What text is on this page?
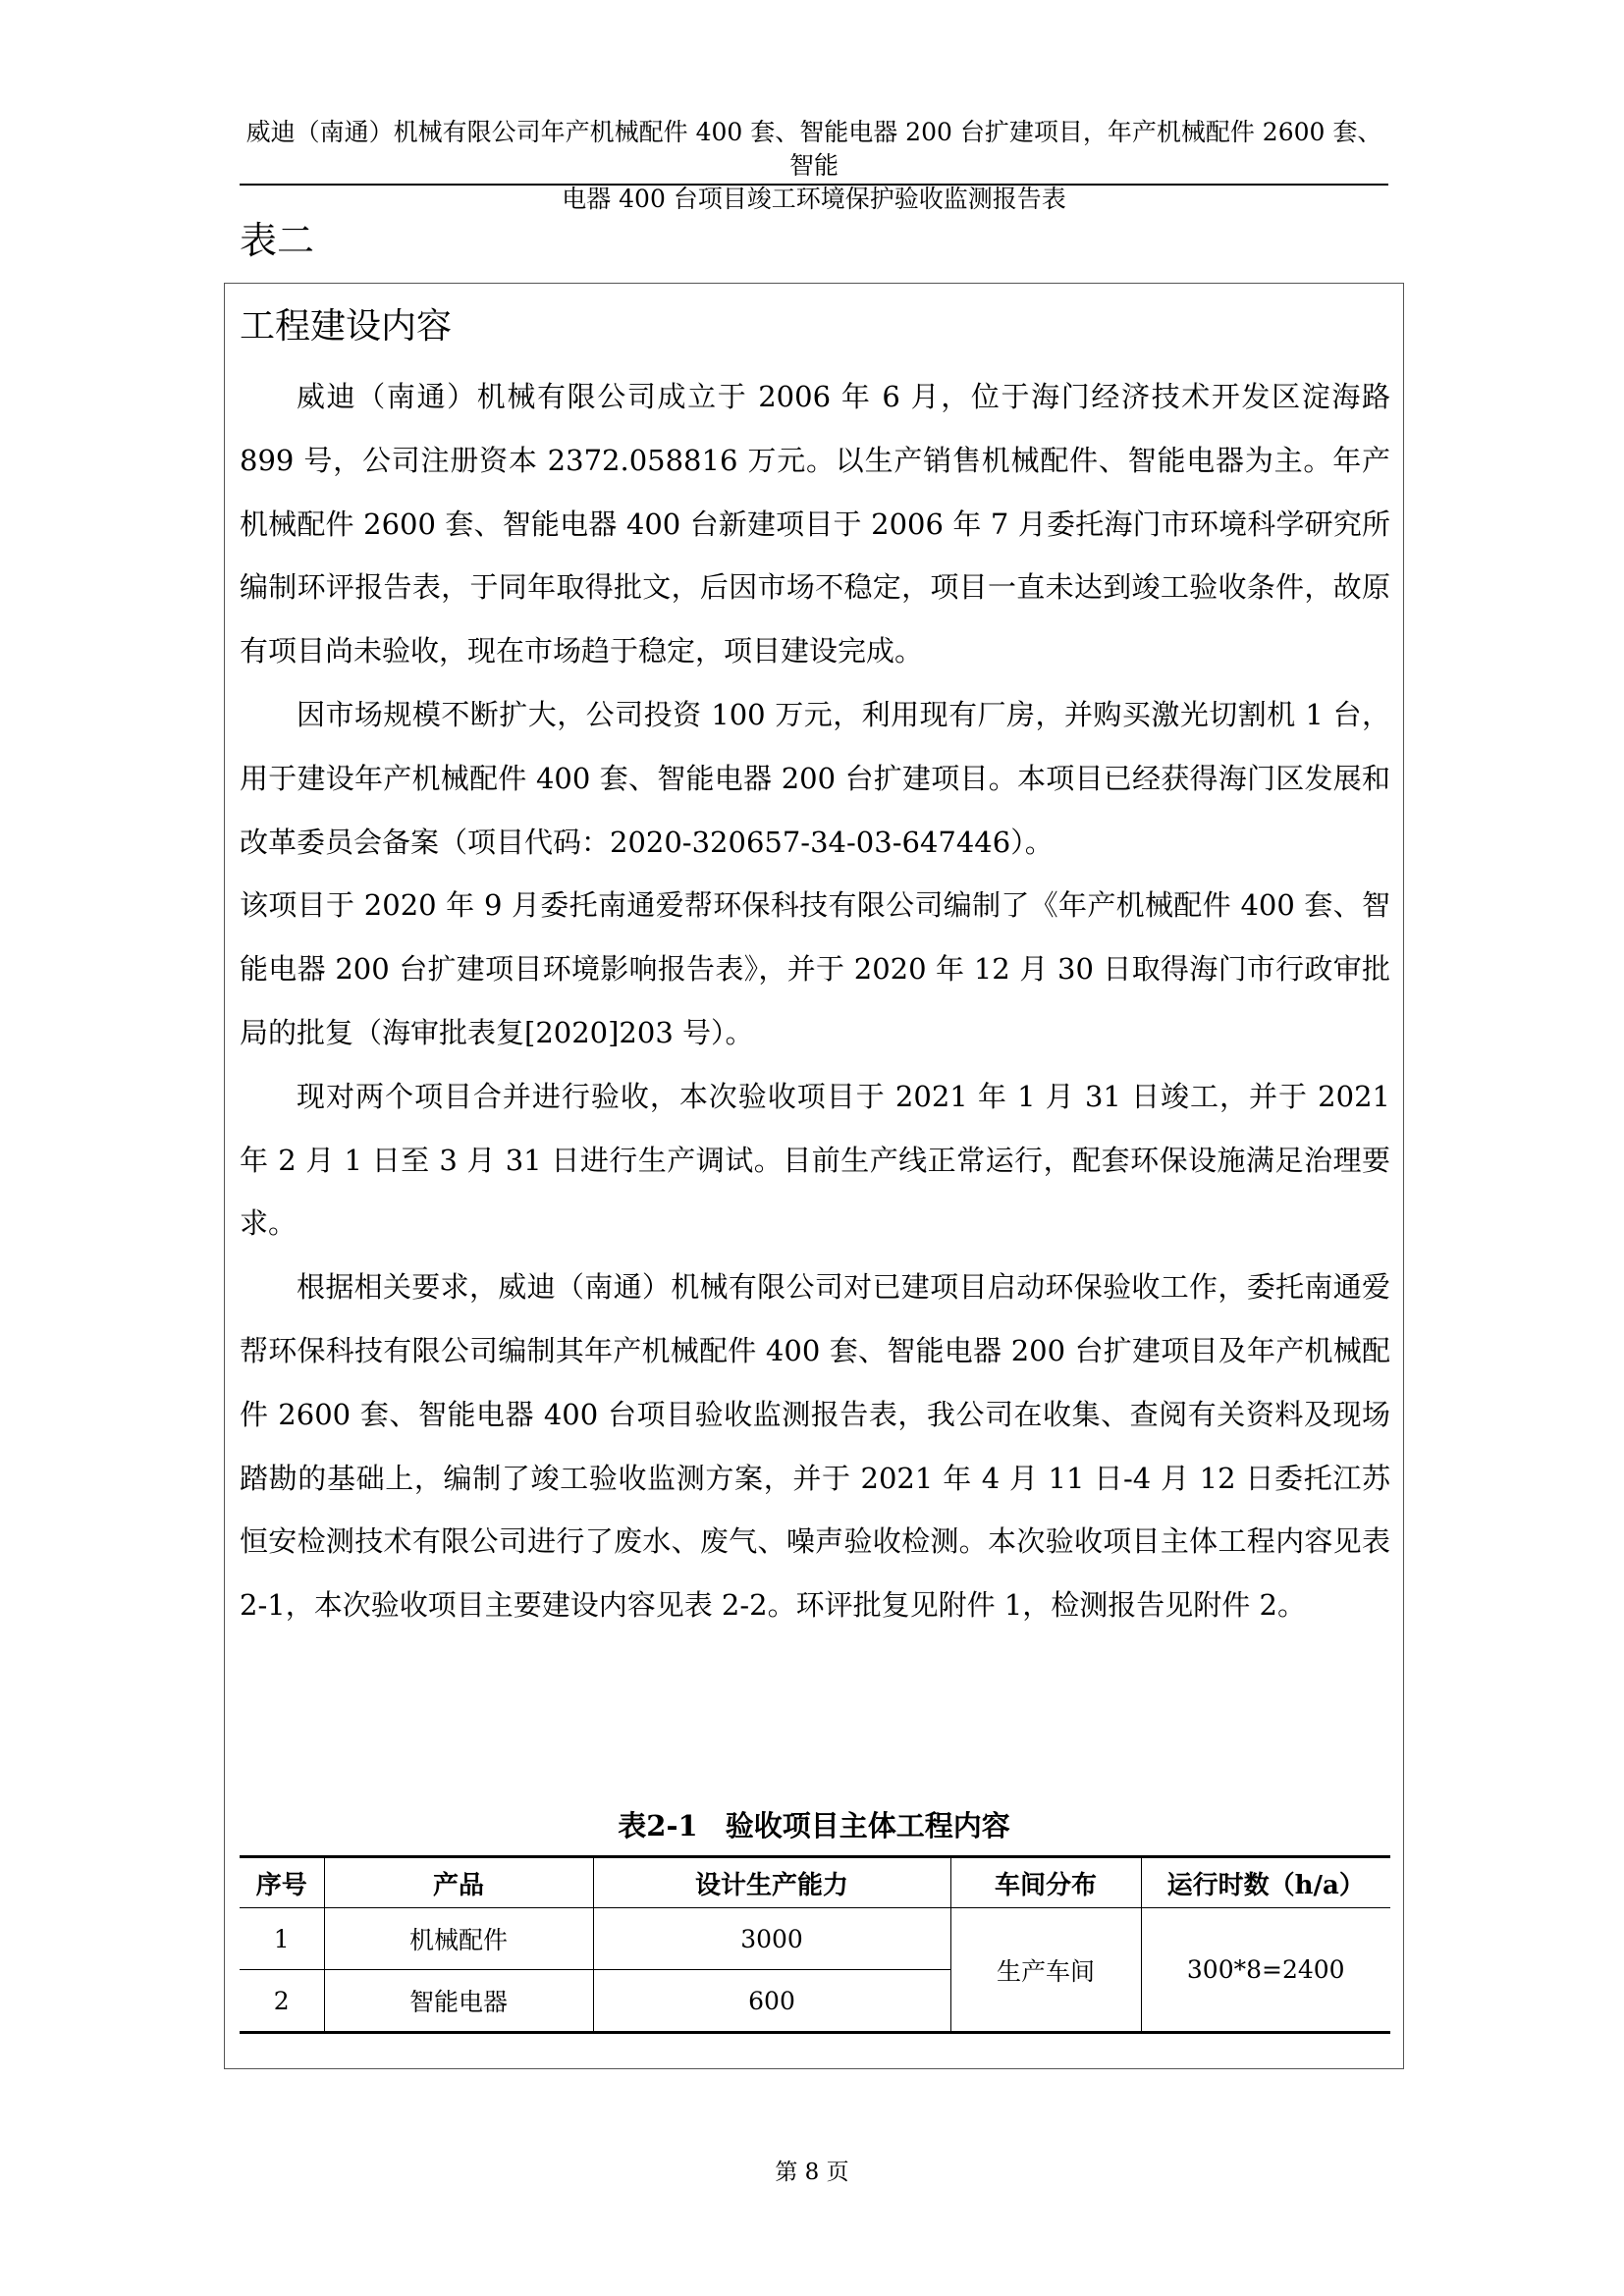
威迪（南通）机械有限公司年产机械配件 400 套、智能电器 200 台扩建项目，年产机械配件 2600 套、智能
电器 400 台项目竣工环境保护验收监测报告表
表二
工程建设内容

威迪（南通）机械有限公司成立于 2006 年 6 月，位于海门经济技术开发区淀海路 899 号，公司注册资本 2372.058816 万元。以生产销售机械配件、智能电器为主。年产机械配件 2600 套、智能电器 400 台新建项目于 2006 年 7 月委托海门市环境科学研究所编制环评报告表，于同年取得批文，后因市场不稳定，项目一直未达到竣工验收条件，故原有项目尚未验收，现在市场趋于稳定，项目建设完成。

因市场规模不断扩大，公司投资 100 万元，利用现有厂房，并购买激光切割机 1 台，用于建设年产机械配件 400 套、智能电器 200 台扩建项目。本项目已经获得海门区发展和改革委员会备案（项目代码：2020-320657-34-03-647446）。

该项目于 2020 年 9 月委托南通爱帮环保科技有限公司编制了《年产机械配件 400 套、智能电器 200 台扩建项目环境影响报告表》，并于 2020 年 12 月 30 日取得海门市行政审批局的批复（海审批表复[2020]203 号）。

现对两个项目合并进行验收，本次验收项目于 2021 年 1 月 31 日竣工，并于 2021 年 2 月 1 日至 3 月 31 日进行生产调试。目前生产线正常运行，配套环保设施满足治理要求。

根据相关要求，威迪（南通）机械有限公司对已建项目启动环保验收工作，委托南通爱帮环保科技有限公司编制其年产机械配件 400 套、智能电器 200 台扩建项目及年产机械配件 2600 套、智能电器 400 台项目验收监测报告表，我公司在收集、查阅有关资料及现场踏勘的基础上，编制了竣工验收监测方案，并于 2021 年 4 月 11 日-4 月 12 日委托江苏恒安检测技术有限公司进行了废水、废气、噪声验收检测。本次验收项目主体工程内容见表 2-1，本次验收项目主要建设内容见表 2-2。环评批复见附件 1，检测报告见附件 2。

表2-1 验收项目主体工程内容
序号	产品	设计生产能力	车间分布	运行时数（h/a）
1	机械配件	3000	生产车间	300*8=2400
2	智能电器	600		
第 8 页
